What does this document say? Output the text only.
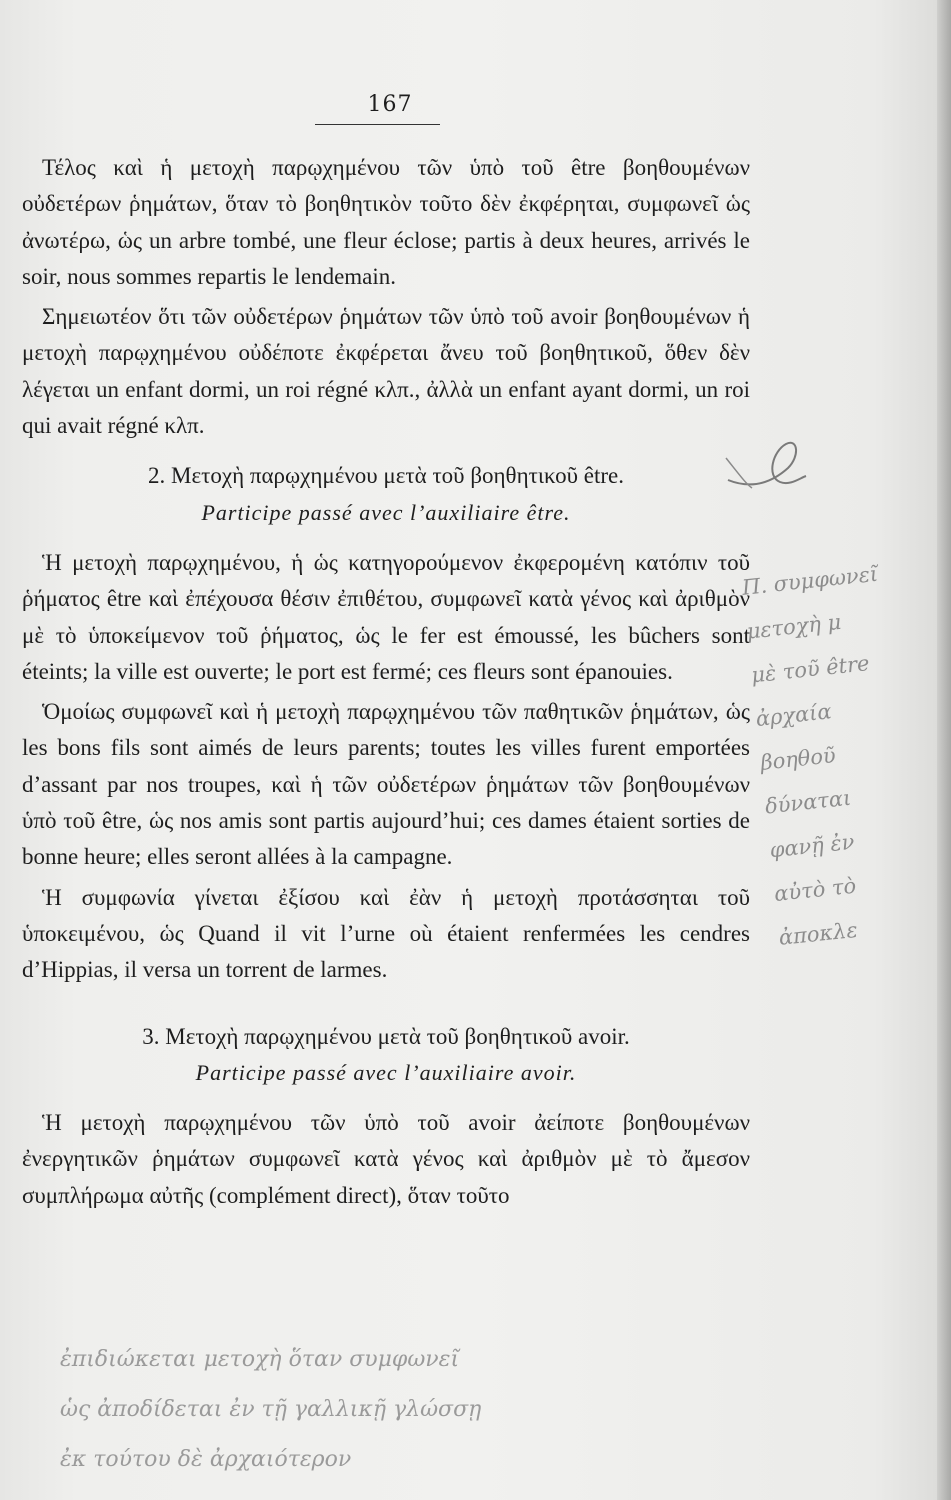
167

Τέλος καὶ ἡ μετοχὴ παρῳχημένου τῶν ὑπὸ τοῦ être βοηθουμένων οὐδετέρων ῥημάτων, ὅταν τὸ βοηθητικὸν τοῦτο δὲν ἐκφέρηται, συμφωνεῖ ὡς ἀνωτέρω, ὡς un arbre tombé, une fleur éclose; partis à deux heures, arrivés le soir, nous sommes repartis le lendemain.

Σημειωτέον ὅτι τῶν οὐδετέρων ῥημάτων τῶν ὑπὸ τοῦ avoir βοηθουμένων ἡ μετοχὴ παρῳχημένου οὐδέποτε ἐκφέρεται ἄνευ τοῦ βοηθητικοῦ, ὅθεν δὲν λέγεται un enfant dormi, un roi régné κλπ., ἀλλὰ un enfant ayant dormi, un roi qui avait régné κλπ.

2. Μετοχὴ παρῳχημένου μετὰ τοῦ βοηθητικοῦ être.

Participe passé avec l’auxiliaire être.

Ἡ μετοχὴ παρῳχημένου, ἡ ὡς κατηγορούμενον ἐκφερομένη κατόπιν τοῦ ῥήματος être καὶ ἐπέχουσα θέσιν ἐπιθέτου, συμφωνεῖ κατὰ γένος καὶ ἀριθμὸν μὲ τὸ ὑποκείμενον τοῦ ῥήματος, ὡς le fer est émoussé, les bûchers sont éteints; la ville est ouverte; le port est fermé; ces fleurs sont épanouies.

Ὁμοίως συμφωνεῖ καὶ ἡ μετοχὴ παρῳχημένου τῶν παθητικῶν ῥημάτων, ὡς les bons fils sont aimés de leurs parents; toutes les villes furent emportées d’assant par nos troupes, καὶ ἡ τῶν οὐδετέρων ῥημάτων τῶν βοηθουμένων ὑπὸ τοῦ être, ὡς nos amis sont partis aujourd’hui; ces dames étaient sorties de bonne heure; elles seront allées à la campagne.

Ἡ συμφωνία γίνεται ἐξίσου καὶ ἐὰν ἡ μετοχὴ προτάσσηται τοῦ ὑποκειμένου, ὡς Quand il vit l’urne où étaient renfermées les cendres d’Hippias, il versa un torrent de larmes.

3. Μετοχὴ παρῳχημένου μετὰ τοῦ βοηθητικοῦ avoir.

Participe passé avec l’auxiliaire avoir.

Ἡ μετοχὴ παρῳχημένου τῶν ὑπὸ τοῦ avoir ἀείποτε βοηθουμένων ἐνεργητικῶν ῥημάτων συμφωνεῖ κατὰ γένος καὶ ἀριθμὸν μὲ τὸ ἄμεσον συμπλήρωμα αὐτῆς (complément direct), ὅταν τοῦτο

Π. συμφωνεῖ
μετοχὴ μ
μὲ τοῦ être
ἀρχαία
βοηθοῦ
δύναται
φανῇ ἐν
αὐτὸ τὸ
ἀποκλε
ἐπιδιώκεται μετοχὴ ὅταν συμφωνεῖ
ὡς ἀποδίδεται ἐν τῇ γαλλικῇ γλώσσῃ
ἐκ τούτου δὲ ἀρχαιότερον
